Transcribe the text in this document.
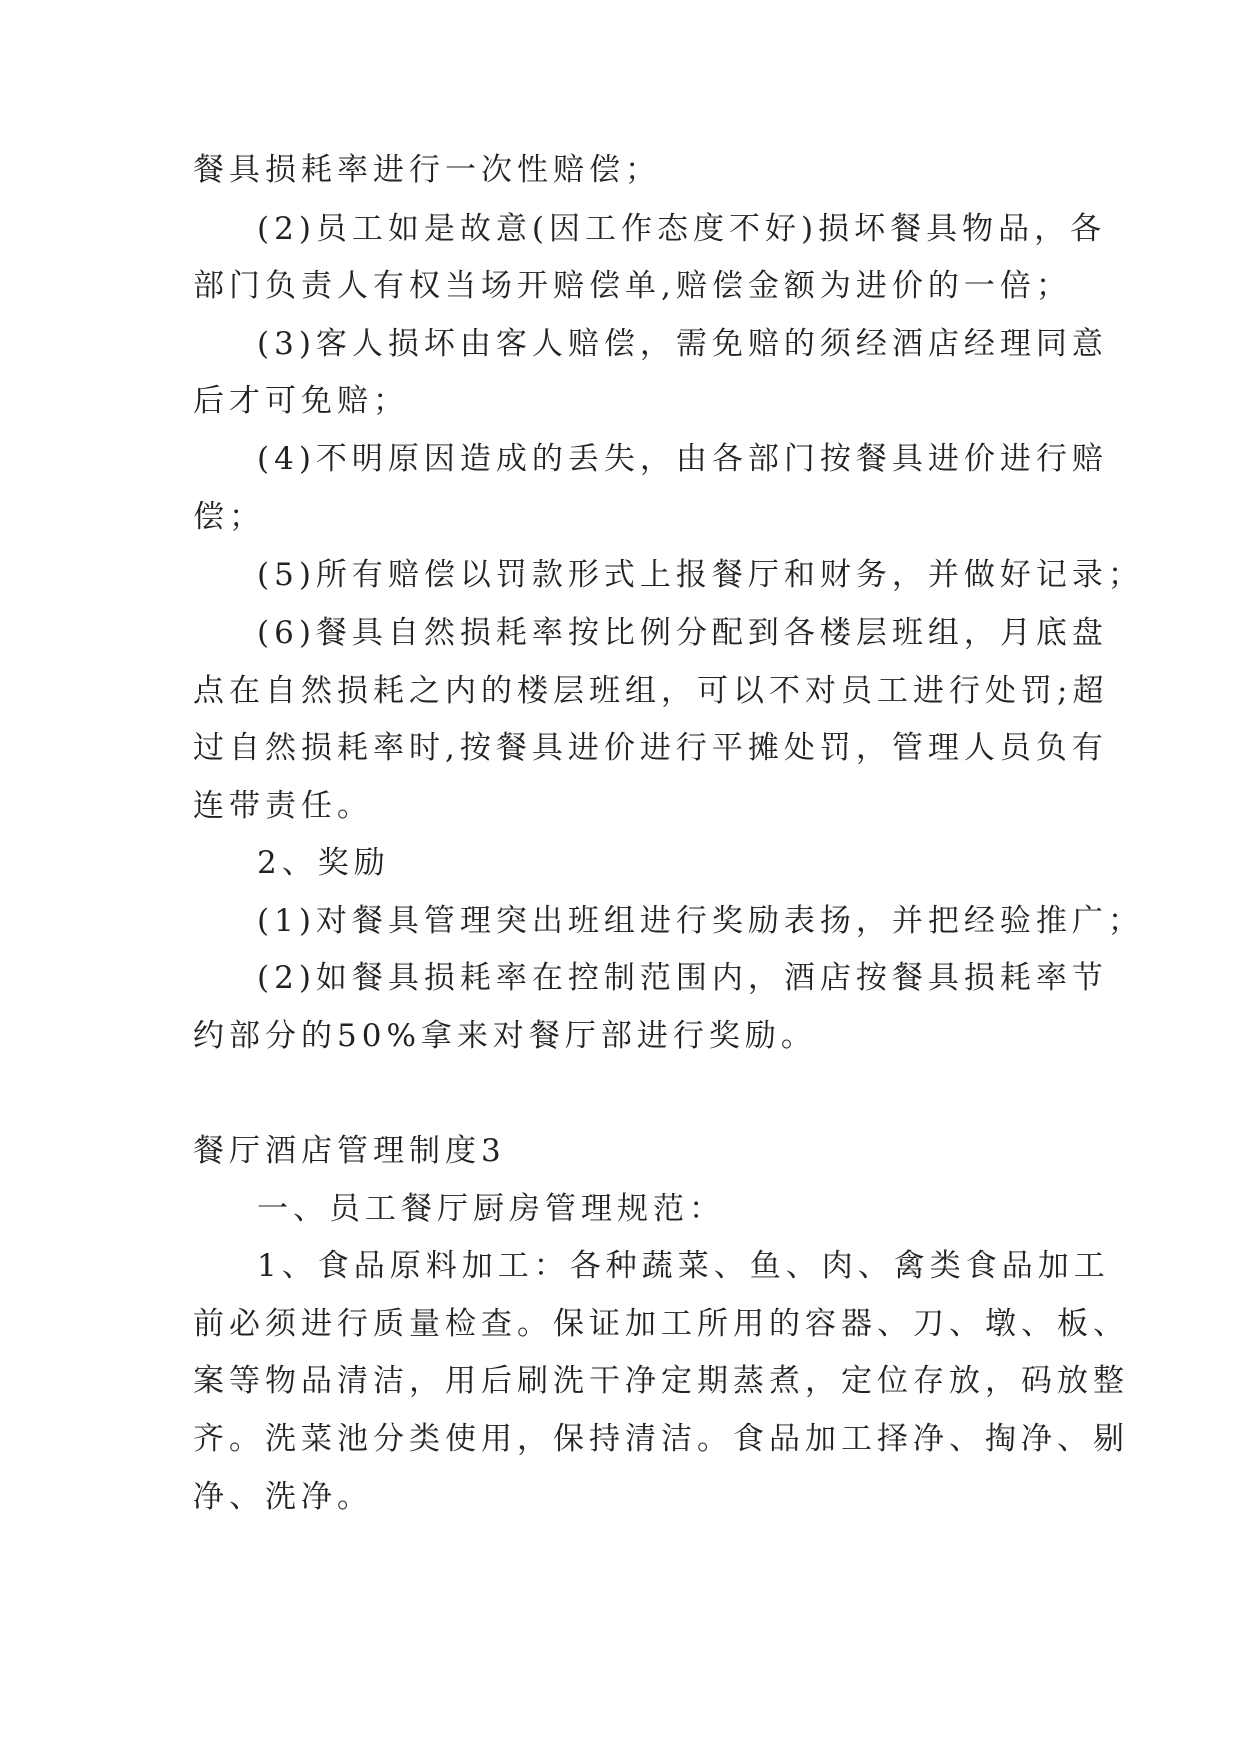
餐具损耗率进行一次性赔偿；
(2)员工如是故意(因工作态度不好)损坏餐具物品，各
部门负责人有权当场开赔偿单,赔偿金额为进价的一倍；
(3)客人损坏由客人赔偿，需免赔的须经酒店经理同意
后才可免赔；
(4)不明原因造成的丢失，由各部门按餐具进价进行赔
偿；
(5)所有赔偿以罚款形式上报餐厅和财务，并做好记录；
(6)餐具自然损耗率按比例分配到各楼层班组，月底盘
点在自然损耗之内的楼层班组，可以不对员工进行处罚;超
过自然损耗率时,按餐具进价进行平摊处罚，管理人员负有
连带责任。
2、奖励
(1)对餐具管理突出班组进行奖励表扬，并把经验推广；
(2)如餐具损耗率在控制范围内，酒店按餐具损耗率节
约部分的50%拿来对餐厅部进行奖励。
餐厅酒店管理制度3
一、员工餐厅厨房管理规范：
1、食品原料加工：各种蔬菜、鱼、肉、禽类食品加工
前必须进行质量检查。保证加工所用的容器、刀、墩、板、
案等物品清洁，用后刷洗干净定期蒸煮，定位存放，码放整
齐。洗菜池分类使用，保持清洁。食品加工择净、掏净、剔
净、洗净。
